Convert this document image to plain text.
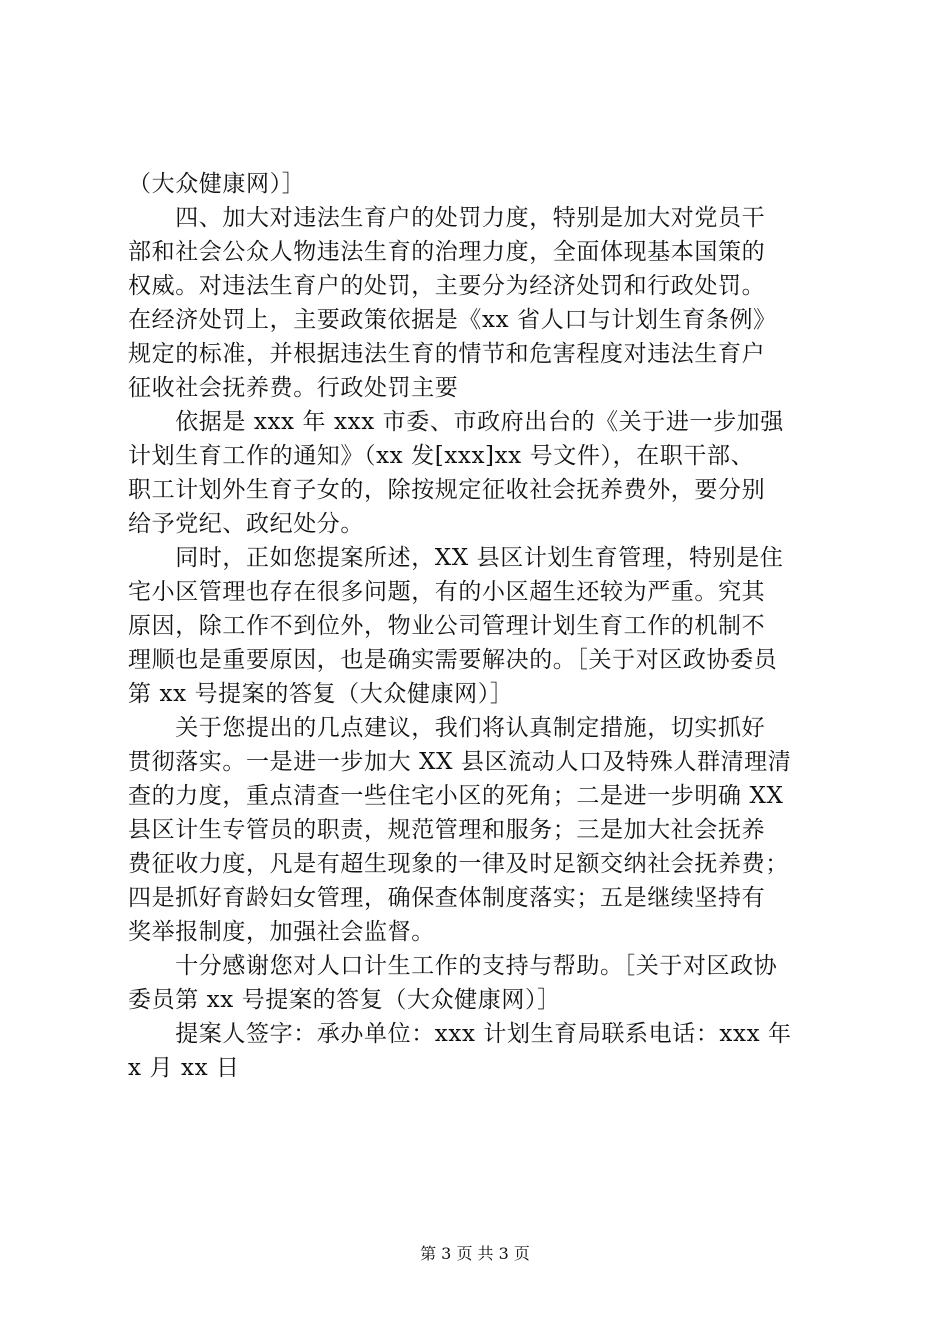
（大众健康网）］
　　四、加大对违法生育户的处罚力度，特别是加大对党员干
部和社会公众人物违法生育的治理力度，全面体现基本国策的
权威。对违法生育户的处罚，主要分为经济处罚和行政处罚。
在经济处罚上，主要政策依据是《xx 省人口与计划生育条例》
规定的标准，并根据违法生育的情节和危害程度对违法生育户
征收社会抚养费。行政处罚主要
　　依据是 xxx 年 xxx 市委、市政府出台的《关于进一步加强
计划生育工作的通知》（xx 发[xxx]xx 号文件），在职干部、
职工计划外生育子女的，除按规定征收社会抚养费外，要分别
给予党纪、政纪处分。
　　同时，正如您提案所述，XX 县区计划生育管理，特别是住
宅小区管理也存在很多问题，有的小区超生还较为严重。究其
原因，除工作不到位外，物业公司管理计划生育工作的机制不
理顺也是重要原因，也是确实需要解决的。［关于对区政协委员
第 xx 号提案的答复（大众健康网）］
　　关于您提出的几点建议，我们将认真制定措施，切实抓好
贯彻落实。一是进一步加大 XX 县区流动人口及特殊人群清理清
查的力度，重点清查一些住宅小区的死角；二是进一步明确 XX
县区计生专管员的职责，规范管理和服务；三是加大社会抚养
费征收力度，凡是有超生现象的一律及时足额交纳社会抚养费；
四是抓好育龄妇女管理，确保查体制度落实；五是继续坚持有
奖举报制度，加强社会监督。
　　十分感谢您对人口计生工作的支持与帮助。［关于对区政协
委员第 xx 号提案的答复（大众健康网）］
　　提案人签字：承办单位：xxx 计划生育局联系电话：xxx 年
x 月 xx 日
第 3 页 共 3 页
